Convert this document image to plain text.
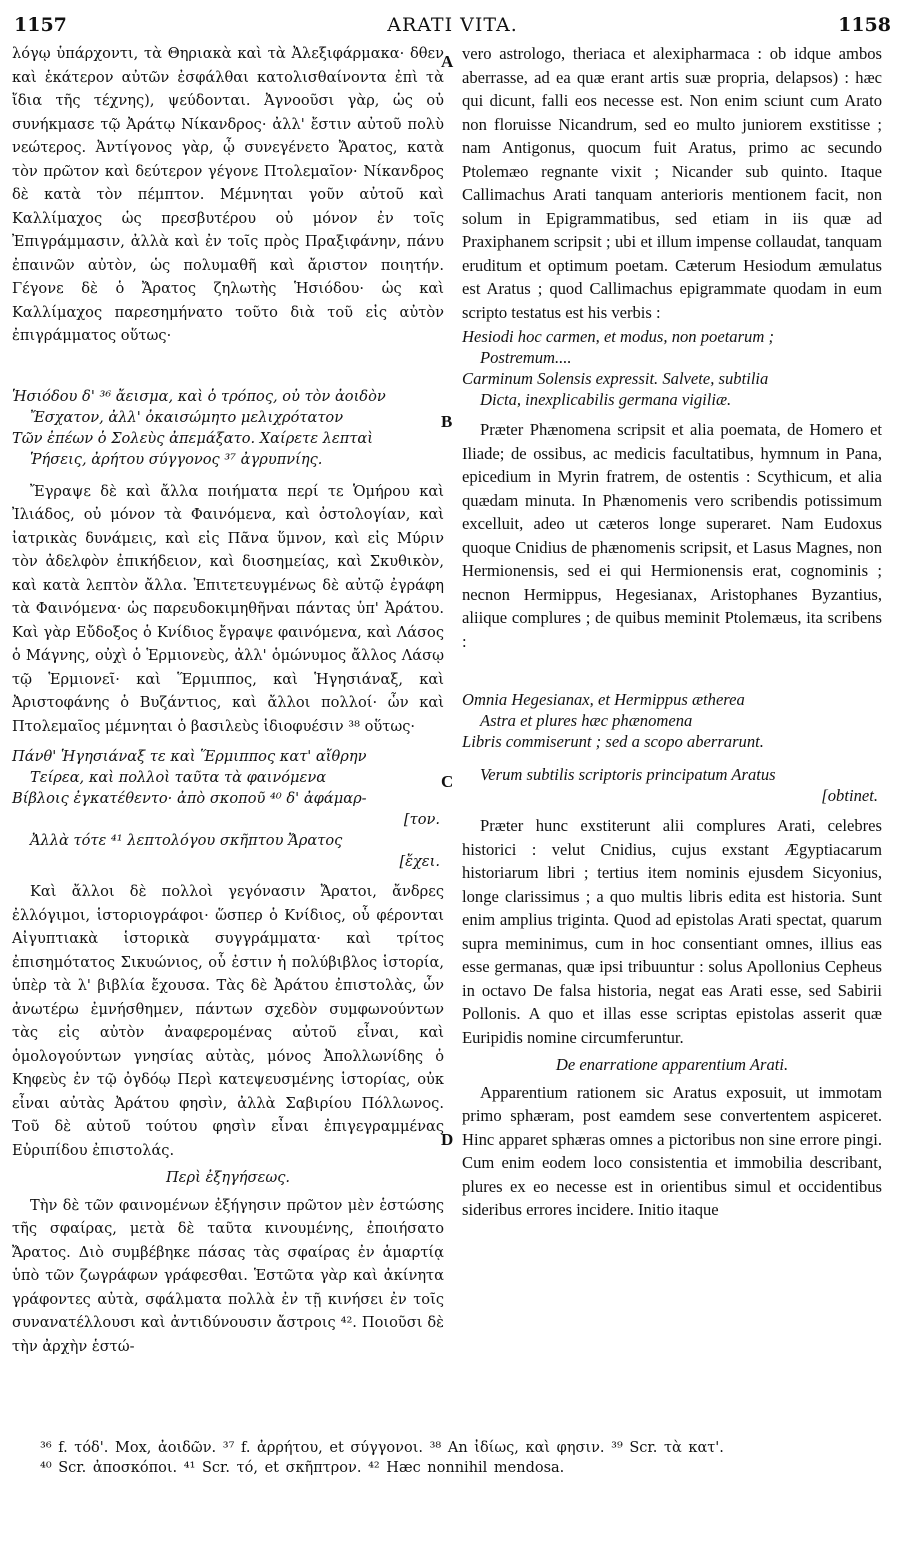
1157	ARATI VITA.	1158
A
B
C
D

λόγῳ ὑπάρχοντι, τὰ Θηριακὰ καὶ τὰ Ἀλεξιφάρμακα· δθεν καὶ ἑκάτερον αὐτῶν ἐσφάλθαι κατολισθαίνοντα ἐπὶ τὰ ἴδια τῆς τέχνης), ψεύδονται. Ἀγνοοῦσι γὰρ, ὡς οὐ συνήκμασε τῷ Ἀράτῳ Νίκανδρος· ἀλλ' ἔστιν αὐτοῦ πολὺ νεώτερος. Ἀντίγονος γὰρ, ᾧ συνεγένετο Ἄρατος, κατὰ τὸν πρῶτον καὶ δεύτερον γέγονε Πτολεμαῖον· Νίκανδρος δὲ κατὰ τὸν πέμπτον. Μέμνηται γοῦν αὐτοῦ καὶ Καλλίμαχος ὡς πρεσβυτέρου οὐ μόνον ἐν τοῖς Ἐπιγράμμασιν, ἀλλὰ καὶ ἐν τοῖς πρὸς Πραξιφάνην, πάνυ ἐπαινῶν αὐτὸν, ὡς πολυμαθῆ καὶ ἄριστον ποιητήν. Γέγονε δὲ ὁ Ἄρατος ζηλωτὴς Ἡσιόδου· ὡς καὶ Καλλίμαχος παρεσημήνατο τοῦτο διὰ τοῦ εἰς αὐτὸν ἐπιγράμματος οὕτως·

Ἡσιόδου δ' ³⁶ ἄεισμα, καὶ ὁ τρόπος, οὐ τὸν ἀοιδὸν
Ἔσχατον, ἀλλ' ὀκαισώμητο μελιχρότατον
Τῶν ἐπέων ὁ Σολεὺς ἀπεμάξατο. Χαίρετε λεπταὶ
Ῥήσεις, ἀρήτου σύγγονος ³⁷ ἀγρυπνίης.

Ἔγραψε δὲ καὶ ἄλλα ποιήματα περί τε Ὁμήρου καὶ Ἰλιάδος, οὐ μόνον τὰ Φαινόμενα, καὶ ὀστολογίαν, καὶ ἰατρικὰς δυνάμεις, καὶ εἰς Πᾶνα ὕμνον, καὶ εἰς Μύριν τὸν ἀδελφὸν ἐπικήδειον, καὶ διοσημείας, καὶ Σκυθικὸν, καὶ κατὰ λεπτὸν ἄλλα. Ἐπιτετευγμένως δὲ αὐτῷ ἐγράφη τὰ Φαινόμενα· ὡς παρευδοκιμηθῆναι πάντας ὑπ' Ἀράτου. Καὶ γὰρ Εὔδοξος ὁ Κνίδιος ἔγραψε φαινόμενα, καὶ Λάσος ὁ Μάγνης, οὐχὶ ὁ Ἑρμιονεὺς, ἀλλ' ὁμώνυμος ἄλλος Λάσῳ τῷ Ἑρμιονεῖ· καὶ Ἕρμιππος, καὶ Ἡγησιάναξ, καὶ Ἀριστοφάνης ὁ Βυζάντιος, καὶ ἄλλοι πολλοί· ὧν καὶ Πτολεμαῖος μέμνηται ὁ βασιλεὺς ἰδιοφυέσιν ³⁸ οὕτως·

Πάνθ' Ἡγησιάναξ τε καὶ Ἕρμιππος κατ' αἴθρην
Τείρεα, καὶ πολλοὶ ταῦτα τὰ φαινόμενα
Βίβλοις ἐγκατέθεντο· ἀπὸ σκοποῦ ⁴⁰ δ' ἀφάμαρ-
[τον.
Ἀλλὰ τότε ⁴¹ λεπτολόγου σκῆπτου Ἄρατος
[ἔχει.

Καὶ ἄλλοι δὲ πολλοὶ γεγόνασιν Ἄρατοι, ἄνδρες ἐλλόγιμοι, ἱστοριογράφοι· ὥσπερ ὁ Κνίδιος, οὗ φέρονται Αἰγυπτιακὰ ἱστορικὰ συγγράμματα· καὶ τρίτος ἐπισημότατος Σικυώνιος, οὗ ἐστιν ἡ πολύβιβλος ἱστορία, ὑπὲρ τὰ λ' βιβλία ἔχουσα. Τὰς δὲ Ἀράτου ἐπιστολὰς, ὧν ἀνωτέρω ἐμνήσθημεν, πάντων σχεδὸν συμφωνούντων τὰς εἰς αὐτὸν ἀναφερομένας αὐτοῦ εἶναι, καὶ ὁμολογούντων γνησίας αὐτὰς, μόνος Ἀπολλωνίδης ὁ Κηφεὺς ἐν τῷ ὀγδόῳ Περὶ κατεψευσμένης ἱστορίας, οὐκ εἶναι αὐτὰς Ἀράτου φησὶν, ἀλλὰ Σαβιρίου Πόλλωνος. Τοῦ δὲ αὐτοῦ τούτου φησὶν εἶναι ἐπιγεγραμμένας Εὐριπίδου ἐπιστολάς.

Περὶ ἐξηγήσεως.

Τὴν δὲ τῶν φαινομένων ἐξήγησιν πρῶτον μὲν ἑστώσης τῆς σφαίρας, μετὰ δὲ ταῦτα κινουμένης, ἐποιήσατο Ἄρατος. Διὸ συμβέβηκε πάσας τὰς σφαίρας ἐν ἁμαρτίᾳ ὑπὸ τῶν ζωγράφων γράφεσθαι. Ἑστῶτα γὰρ καὶ ἀκίνητα γράφοντες αὐτὰ, σφάλματα πολλὰ ἐν τῇ κινήσει ἐν τοῖς συνανατέλλουσι καὶ ἀντιδύνουσιν ἄστροις ⁴². Ποιοῦσι δὲ τὴν ἀρχὴν ἑστώ-

vero astrologo, theriaca et alexipharmaca : ob idque ambos aberrasse, ad ea quæ erant artis suæ propria, delapsos) : hæc qui dicunt, falli eos necesse est. Non enim sciunt cum Arato non floruisse Nicandrum, sed eo multo juniorem exstitisse ; nam Antigonus, quocum fuit Aratus, primo ac secundo Ptolemæo regnante vixit ; Nicander sub quinto. Itaque Callimachus Arati tanquam anterioris mentionem facit, non solum in Epigrammatibus, sed etiam in iis quæ ad Praxiphanem scripsit ; ubi et illum impense collaudat, tanquam eruditum et optimum poetam. Cæterum Hesiodum æmulatus est Aratus ; quod Callimachus epigrammate quodam in eum scripto testatus est his verbis :

Hesiodi hoc carmen, et modus, non poetarum ;
Postremum....
Carminum Solensis expressit. Salvete, subtilia
Dicta, inexplicabilis germana vigiliæ.

Præter Phænomena scripsit et alia poemata, de Homero et Iliade; de ossibus, ac medicis facultatibus, hymnum in Pana, epicedium in Myrin fratrem, de ostentis : Scythicum, et alia quædam minuta. In Phænomenis vero scribendis potissimum excelluit, adeo ut cæteros longe superaret. Nam Eudoxus quoque Cnidius de phænomenis scripsit, et Lasus Magnes, non Hermionensis, sed ei qui Hermionensis erat, cognominis ; necnon Hermippus, Hegesianax, Aristophanes Byzantius, aliique complures ; de quibus meminit Ptolemæus, ita scribens :

Omnia Hegesianax, et Hermippus ætherea
Astra et plures hæc phænomena
Libris commiserunt ; sed a scopo aberrarunt.
Verum subtilis scriptoris principatum Aratus
[obtinet.

Præter hunc exstiterunt alii complures Arati, celebres historici : velut Cnidius, cujus exstant Ægyptiacarum historiarum libri ; tertius item nominis ejusdem Sicyonius, longe clarissimus ; a quo multis libris edita est historia. Sunt enim amplius triginta. Quod ad epistolas Arati spectat, quarum supra meminimus, cum in hoc consentiant omnes, illius eas esse germanas, quæ ipsi tribuuntur : solus Apollonius Cepheus in octavo De falsa historia, negat eas Arati esse, sed Sabirii Pollonis. A quo et illas esse scriptas epistolas asserit quæ Euripidis nomine circumferuntur.

De enarratione apparentium Arati.

Apparentium rationem sic Aratus exposuit, ut immotam primo sphæram, post eamdem sese convertentem aspiceret. Hinc apparet sphæras omnes a pictoribus non sine errore pingi. Cum enim eodem loco consistentia et immobilia describant, plures ex eo necesse est in orientibus simul et occidentibus sideribus errores incidere. Initio itaque

³⁶ f. τόδ'. Mox, ἀοιδῶν. ³⁷ f. ἀρρήτου, et σύγγονοι. ³⁸ An ἰδίως, καὶ φησιν. ³⁹ Scr. τὰ κατ'.
⁴⁰ Scr. ἀποσκόποι. ⁴¹ Scr. τό, et σκῆπτρον. ⁴² Hæc nonnihil mendosa.
